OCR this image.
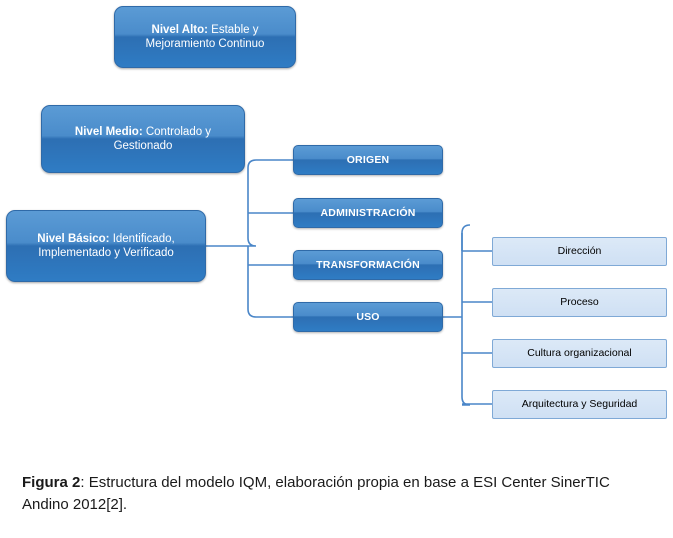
Nivel Alto: Estable y Mejoramiento Continuo
Nivel Medio: Controlado y Gestionado
Nivel Básico: Identificado, Implementado y Verificado
ORIGEN
ADMINISTRACIÓN
TRANSFORMACIÓN
USO
Dirección
Proceso
Cultura organizacional
Arquitectura y Seguridad
Figura 2: Estructura del modelo IQM, elaboración propia en base a ESI Center SinerTIC Andino 2012[2].
